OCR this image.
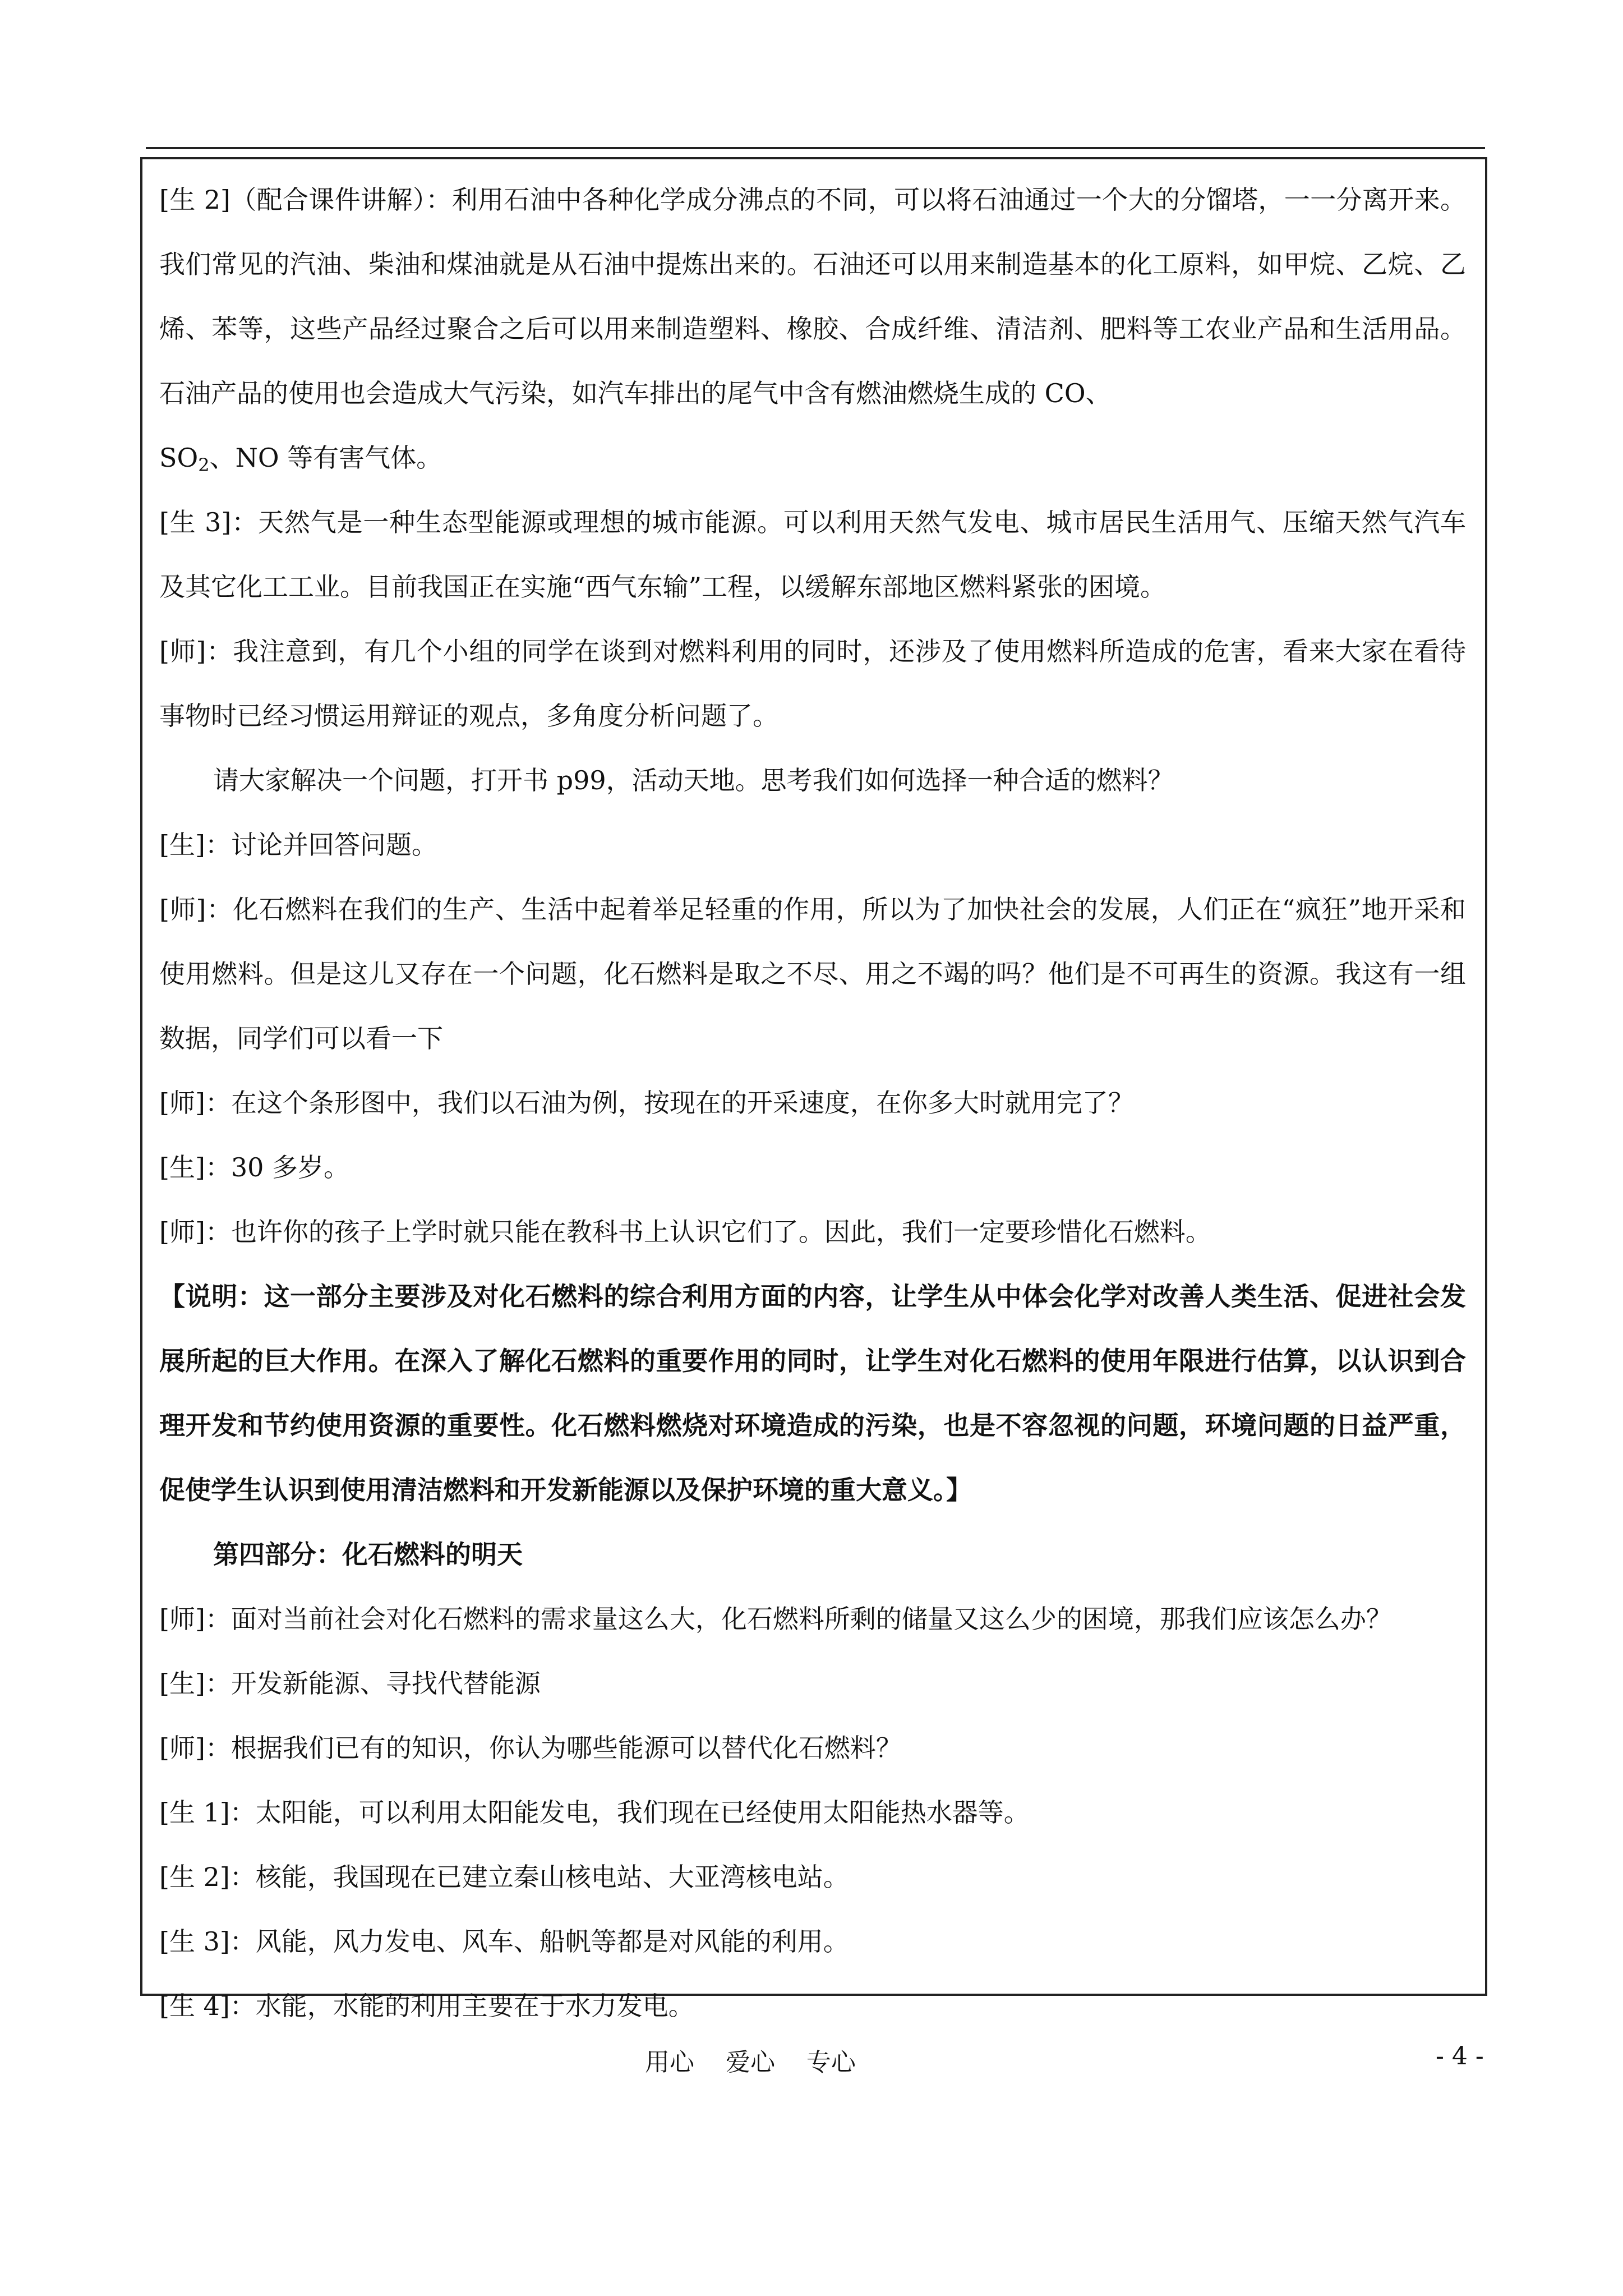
[生 2]（配合课件讲解）：利用石油中各种化学成分沸点的不同，可以将石油通过一个大的分馏塔，一一分离开来。我们常见的汽油、柴油和煤油就是从石油中提炼出来的。石油还可以用来制造基本的化工原料，如甲烷、乙烷、乙烯、苯等，这些产品经过聚合之后可以用来制造塑料、橡胶、合成纤维、清洁剂、肥料等工农业产品和生活用品。石油产品的使用也会造成大气污染，如汽车排出的尾气中含有燃油燃烧生成的 CO、

$SO_2$、NO 等有害气体。

[生 3]：天然气是一种生态型能源或理想的城市能源。可以利用天然气发电、城市居民生活用气、压缩天然气汽车及其它化工工业。目前我国正在实施“西气东输”工程，以缓解东部地区燃料紧张的困境。

[师]：我注意到，有几个小组的同学在谈到对燃料利用的同时，还涉及了使用燃料所造成的危害，看来大家在看待事物时已经习惯运用辩证的观点，多角度分析问题了。

请大家解决一个问题，打开书 p99，活动天地。思考我们如何选择一种合适的燃料？

[生]：讨论并回答问题。

[师]：化石燃料在我们的生产、生活中起着举足轻重的作用，所以为了加快社会的发展，人们正在“疯狂”地开采和使用燃料。但是这儿又存在一个问题，化石燃料是取之不尽、用之不竭的吗？他们是不可再生的资源。我这有一组数据，同学们可以看一下

[师]：在这个条形图中，我们以石油为例，按现在的开采速度，在你多大时就用完了？

[生]：30 多岁。

[师]：也许你的孩子上学时就只能在教科书上认识它们了。因此，我们一定要珍惜化石燃料。

【说明：这一部分主要涉及对化石燃料的综合利用方面的内容，让学生从中体会化学对改善人类生活、促进社会发展所起的巨大作用。在深入了解化石燃料的重要作用的同时，让学生对化石燃料的使用年限进行估算，以认识到合理开发和节约使用资源的重要性。化石燃料燃烧对环境造成的污染，也是不容忽视的问题，环境问题的日益严重，促使学生认识到使用清洁燃料和开发新能源以及保护环境的重大意义。】

第四部分：化石燃料的明天

[师]：面对当前社会对化石燃料的需求量这么大，化石燃料所剩的储量又这么少的困境，那我们应该怎么办？

[生]：开发新能源、寻找代替能源

[师]：根据我们已有的知识，你认为哪些能源可以替代化石燃料？

[生 1]：太阳能，可以利用太阳能发电，我们现在已经使用太阳能热水器等。

[生 2]：核能，我国现在已建立秦山核电站、大亚湾核电站。

[生 3]：风能，风力发电、风车、船帆等都是对风能的利用。

[生 4]：水能，水能的利用主要在于水力发电。

用心    爱心    专心	- 4 -
